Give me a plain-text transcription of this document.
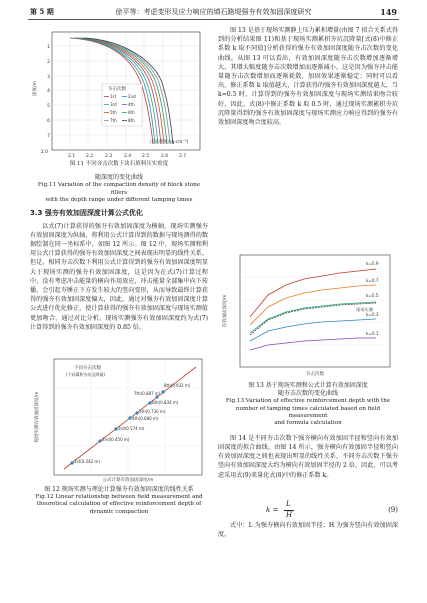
第 5 期	徐平等：考虑变形及应力响应的填石路堤强夯有效加固深度研究	149
2.0
2.1 2.2	2.3	2.4 2.5	2.6 2.7
1
2
3
4
5
6
7
压实密度/(g·cm⁻³)
深度/m	夯击次数
1st	2nd
3rd	4th
5th	6th
7th	8th
图 11 不同夯击次数下块石填料压实密度
随深度的变化曲线
Fig.11 Variation of the compaction density of block stone fillers
with the depth range under different tamping times
3.3 强夯有效加固深度计算公式优化

以式(7)计算获得的强夯有效加固深度为横轴，现场实测强夯有效加固深度为纵轴，将利用公式计算得到的数据与现场测得的数据绘制在同一坐标系中，如图 12 所示。图 12 中，现场实测和利用公式计算获得的强夯有效加固深度之间表现出明显的线性关系，但是，相同夯击次数下利用公式计算得到的强夯有效加固深度明显大于现场实测的强夯有效加固深度，这是因为在式(7)计算过程中，没有考虑冲击能量的横向作用效应，冲击能量全部集中向下传播，会引起夯锤正下方发生较大的竖向变形，从而导致最终计算获得的强夯有效加固深度偏大，因此，通过对强夯有效加固深度计算公式进行优化修正，使计算获得的强夯有效加固深度与现场实测值更加吻合，通过对比分析，现场实测强夯有效加固深度约为式(7)计算得到的强夯有效加固深度的 0.85 倍。

1st(0.242 m)
2nd(0.450 m)
3rd(0.574 m)
4th(0.680 m)
5th(0.730 m)
6th(0.834 m)
7th(0.887 m)
8th(0.932 m)
不同夯击次数
(不同累积夯坑沉降量)
公式计算有效加固深度/m
现场实测有效加固深度/m
图 12 现场实测与理论计算强夯有效加固深度的线性关系
Fig.12 Linear relationship between field measurement and
theoretical calculation of effective reinforcement depth of
dynamic compaction

图 13 是基于现场实测静上压力累积增量(由图 7 拟合关系式得到的分析结果图 11)和基于现场实测累积夯坑沉降量[式(8)中修正系数 k 取不同值]分析获得的强夯有效加固深度随夯击次数的变化曲线。从图 13 可以看出，有效加固深度随夯击次数增加逐渐增大，其增大幅度随夯击次数增加而逐渐减小，这是因为强夯冲击能量随夯击次数增加而逐渐耗散，加固效果逐渐稳定；同时可以看出，修正系数 k 取值越大，计算获得的强夯有效加固深度越大，当 k=0.5 时，计算得到的强夯有效加固深度与现场实测结果吻合较好，因此，式(8)中修正系数 k 取 0.5 时，通过现场实测累积夯坑沉降量得到的强夯有效加固深度与现场实测应力响应得到的强夯有效加固深度吻合度较高。

k=0.9
k=0.7
k=0.5
现场实测
k=0.3
k=0.1
夯击次数
有效加固深度/m
图 13 基于现场实测和公式计算有效加固深度
随夯击次数的变化曲线
Fig.13 Variation of effective reinforcement depth with the
number of tamping times calculated based on field measurement
and formula calculation

图 14 是不同夯击次数下强夯横向有效加固半径和竖向有效加固深度的拟合曲线。由图 14 所示，强夯横向有效加固半径和竖向有效加固深度之间也表现出明显的线性关系，不同夯击次数下强夯竖向有效加固深度大约为横向有效加固半径的 2 倍，因此，可以考虑采用式(9)来量化式(8)中的修正系数 k。

k =
L
H
(9)

式中：L 为强夯横向有效加固半径；H 为强夯竖向有效加固深度。
